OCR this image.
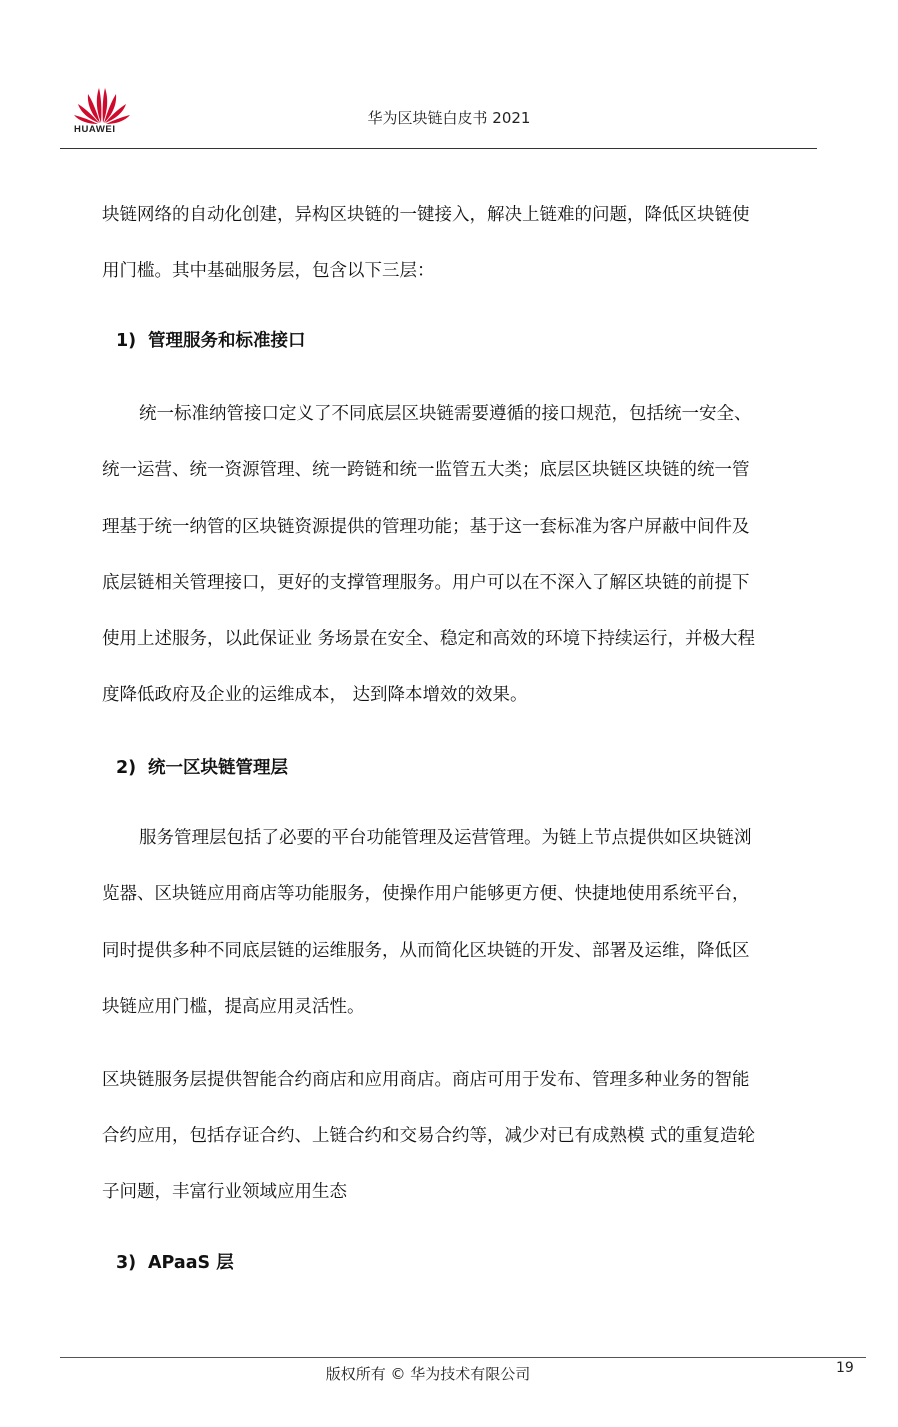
HUAWEI
华为区块链白皮书 2021
块链网络的自动化创建，异构区块链的一键接入，解决上链难的问题，降低区块链使
用门槛。其中基础服务层，包含以下三层：
1) 管理服务和标准接口
统一标准纳管接口定义了不同底层区块链需要遵循的接口规范，包括统一安全、
统一运营、统一资源管理、统一跨链和统一监管五大类；底层区块链区块链的统一管
理基于统一纳管的区块链资源提供的管理功能；基于这一套标准为客户屏蔽中间件及
底层链相关管理接口，更好的支撑管理服务。用户可以在不深入了解区块链的前提下
使用上述服务，以此保证业 务场景在安全、稳定和高效的环境下持续运行，并极大程
度降低政府及企业的运维成本， 达到降本增效的效果。
2) 统一区块链管理层
服务管理层包括了必要的平台功能管理及运营管理。为链上节点提供如区块链浏
览器、区块链应用商店等功能服务，使操作用户能够更方便、快捷地使用系统平台，
同时提供多种不同底层链的运维服务，从而简化区块链的开发、部署及运维，降低区
块链应用门槛，提高应用灵活性。
区块链服务层提供智能合约商店和应用商店。商店可用于发布、管理多种业务的智能
合约应用，包括存证合约、上链合约和交易合约等，减少对已有成熟模 式的重复造轮
子问题，丰富行业领域应用生态
3) APaaS 层
版权所有 © 华为技术有限公司	19
